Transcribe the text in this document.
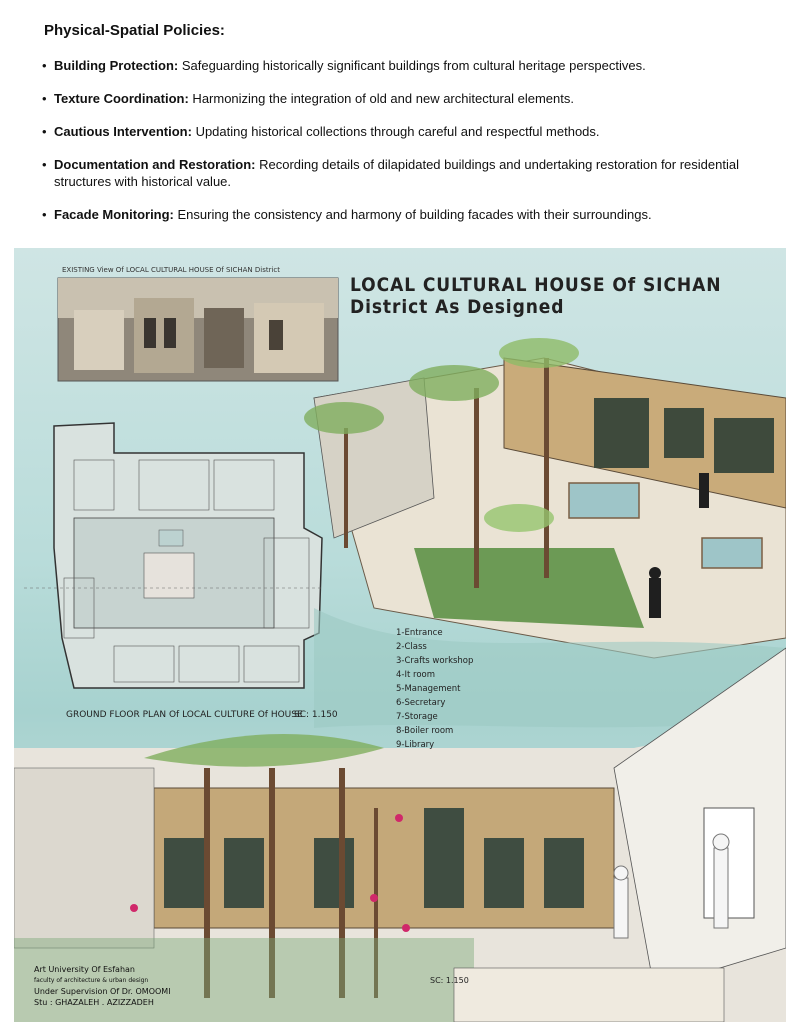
Physical-Spatial Policies:
• Building Protection: Safeguarding historically significant buildings from cultural heritage perspectives.
• Texture Coordination: Harmonizing the integration of old and new architectural elements.
• Cautious Intervention: Updating historical collections through careful and respectful methods.
• Documentation and Restoration: Recording details of dilapidated buildings and undertaking restoration for residential structures with historical value.
• Facade Monitoring: Ensuring the consistency and harmony of building facades with their surroundings.
EXISTING View Of LOCAL CULTURAL HOUSE Of SICHAN District
LOCAL CULTURAL HOUSE Of SICHAN District As Designed
GROUND FLOOR PLAN Of LOCAL CULTURE Of HOUSE
SC: 1.150
1-Entrance
2-Class
3-Crafts workshop
4-It room
5-Management
6-Secretary
7-Storage
8-Boiler room
9-Library
SC: 1.150
Art University Of Esfahan
faculty of architecture & urban design
Under Supervision Of Dr. OMOOMI
Stu : GHAZALEH . AZIZZADEH
